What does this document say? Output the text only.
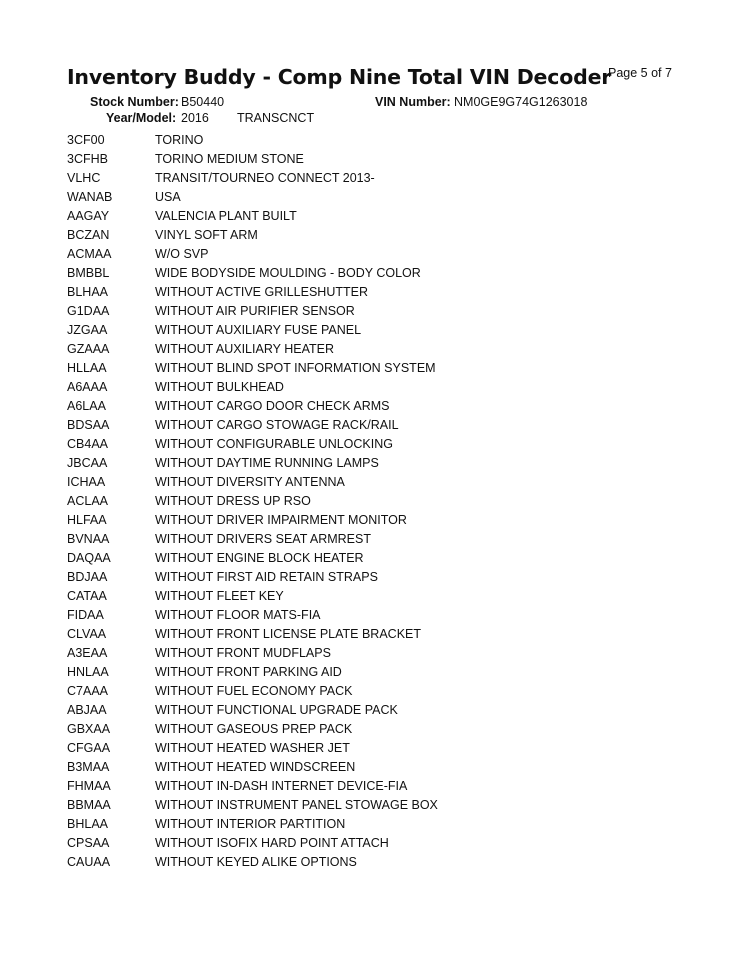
Inventory Buddy - Comp Nine Total VIN Decoder
Page 5 of 7
Stock Number: B50440	VIN Number: NM0GE9G74G1263018
Year/Model: 2016 TRANSCNCT
3CF00	TORINO
3CFHB	TORINO MEDIUM STONE
VLHC	TRANSIT/TOURNEO CONNECT 2013-
WANAB	USA
AAGAY	VALENCIA PLANT BUILT
BCZAN	VINYL SOFT ARM
ACMAA	W/O SVP
BMBBL	WIDE BODYSIDE MOULDING - BODY COLOR
BLHAA	WITHOUT ACTIVE GRILLESHUTTER
G1DAA	WITHOUT AIR PURIFIER SENSOR
JZGAA	WITHOUT AUXILIARY FUSE PANEL
GZAAA	WITHOUT AUXILIARY HEATER
HLLAA	WITHOUT BLIND SPOT INFORMATION SYSTEM
A6AAA	WITHOUT BULKHEAD
A6LAA	WITHOUT CARGO DOOR CHECK ARMS
BDSAA	WITHOUT CARGO STOWAGE RACK/RAIL
CB4AA	WITHOUT CONFIGURABLE UNLOCKING
JBCAA	WITHOUT DAYTIME RUNNING LAMPS
ICHAA	WITHOUT DIVERSITY ANTENNA
ACLAA	WITHOUT DRESS UP RSO
HLFAA	WITHOUT DRIVER IMPAIRMENT MONITOR
BVNAA	WITHOUT DRIVERS SEAT ARMREST
DAQAA	WITHOUT ENGINE BLOCK HEATER
BDJAA	WITHOUT FIRST AID RETAIN STRAPS
CATAA	WITHOUT FLEET KEY
FIDAA	WITHOUT FLOOR MATS-FIA
CLVAA	WITHOUT FRONT LICENSE PLATE BRACKET
A3EAA	WITHOUT FRONT MUDFLAPS
HNLAA	WITHOUT FRONT PARKING AID
C7AAA	WITHOUT FUEL ECONOMY PACK
ABJAA	WITHOUT FUNCTIONAL UPGRADE PACK
GBXAA	WITHOUT GASEOUS PREP PACK
CFGAA	WITHOUT HEATED WASHER JET
B3MAA	WITHOUT HEATED WINDSCREEN
FHMAA	WITHOUT IN-DASH INTERNET DEVICE-FIA
BBMAA	WITHOUT INSTRUMENT PANEL STOWAGE BOX
BHLAA	WITHOUT INTERIOR PARTITION
CPSAA	WITHOUT ISOFIX HARD POINT ATTACH
CAUAA	WITHOUT KEYED ALIKE OPTIONS
